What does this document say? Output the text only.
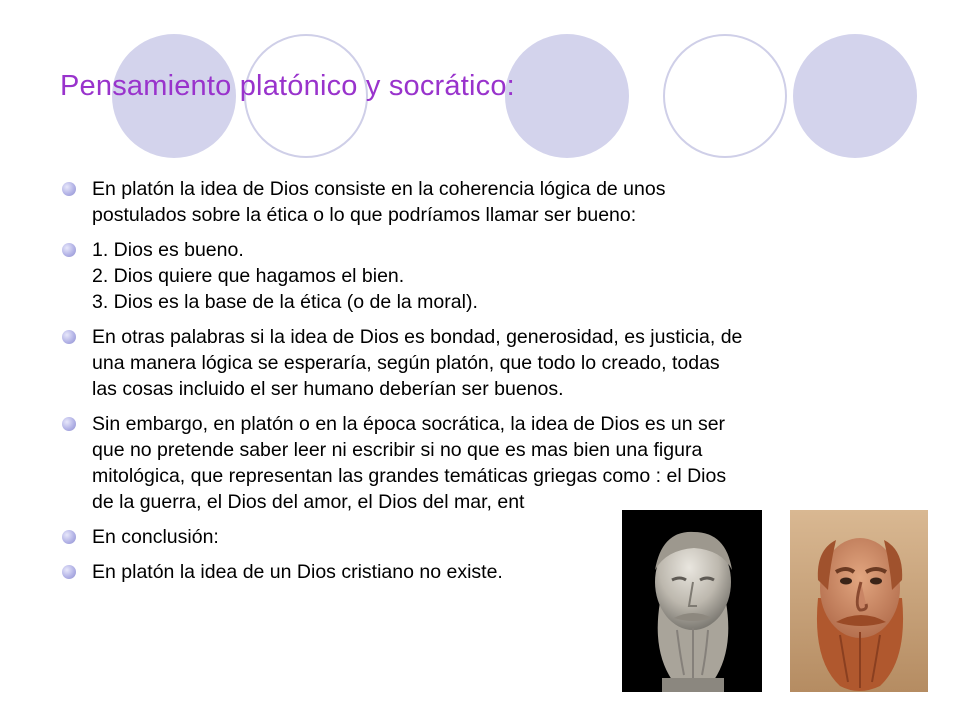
Pensamiento platónico y socrático:
En platón la idea de Dios consiste en la coherencia lógica de unos
postulados sobre la ética o lo que podríamos llamar ser bueno:
1. Dios es bueno.
2. Dios quiere que hagamos el bien.
3. Dios es la base de la ética (o de la moral).
En otras palabras si la idea de Dios es bondad, generosidad, es justicia, de
una manera lógica se esperaría, según platón, que todo lo creado, todas
las cosas incluido el ser humano deberían ser buenos.
Sin embargo, en platón o en la época socrática, la idea de Dios es un ser
que no pretende saber leer ni escribir si no que es mas bien una figura
mitológica, que representan las grandes temáticas griegas como : el Dios
de la guerra, el Dios del amor, el Dios del mar, ent
En conclusión:
En platón la idea de un Dios cristiano no existe.
